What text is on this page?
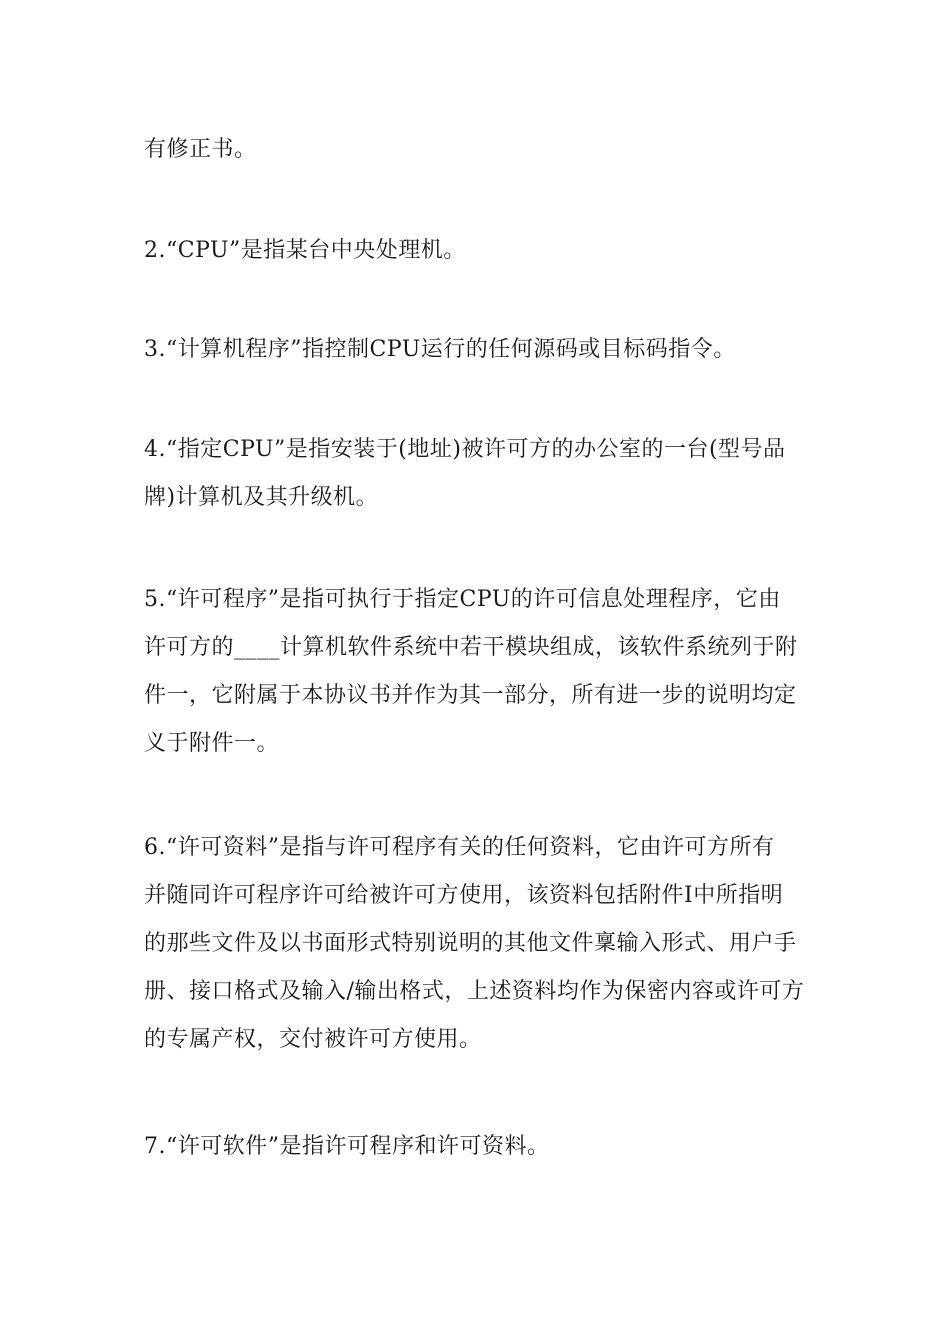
有修正书。

2.“CPU”是指某台中央处理机。

3.“计算机程序”指控制CPU运行的任何源码或目标码指令。

4.“指定CPU”是指安装于(地址)被许可方的办公室的一台(型号品
牌)计算机及其升级机。

5.“许可程序”是指可执行于指定CPU的许可信息处理程序，它由
许可方的____计算机软件系统中若干模块组成，该软件系统列于附
件一，它附属于本协议书并作为其一部分，所有进一步的说明均定
义于附件一。

6.“许可资料”是指与许可程序有关的任何资料，它由许可方所有
并随同许可程序许可给被许可方使用，该资料包括附件Ⅰ中所指明
的那些文件及以书面形式特别说明的其他文件稟输入形式、用户手
册、接口格式及输入/输出格式，上述资料均作为保密内容或许可方
的专属产权，交付被许可方使用。

7.“许可软件”是指许可程序和许可资料。
